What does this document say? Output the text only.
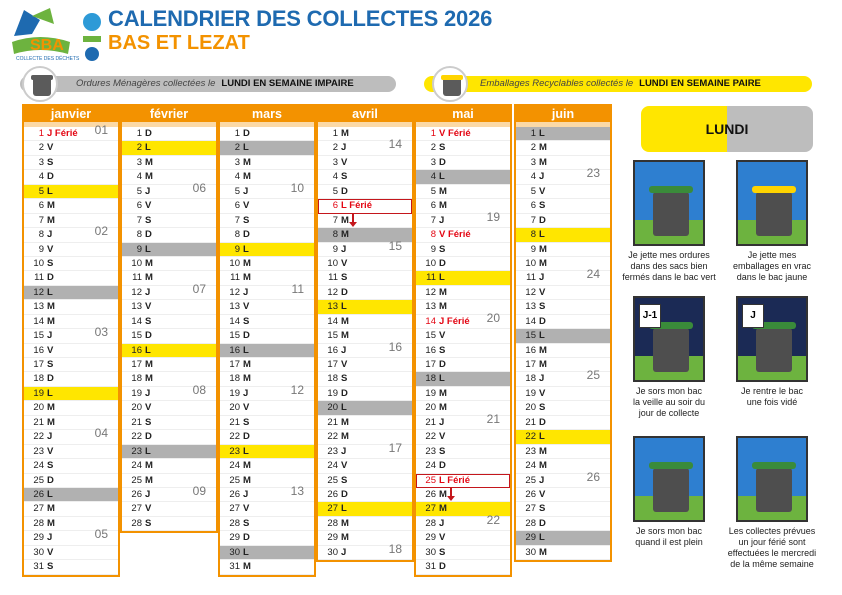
SBA
COLLECTE DES DÉCHETS
CALENDRIER DES COLLECTES 2026
BAS ET LEZAT
Ordures Ménagères collectées le LUNDI EN SEMAINE IMPAIRE	Emballages Recyclables collectés le LUNDI EN SEMAINE PAIRE
janvier
1 J Férié 01
2 V
3 S
4 D
5 L
6 M
7 M
8 J	02
9 V
10 S
11 D
12 L
13 M
14 M
15 J	03
16 V
17 S
18 D
19 L
20 M
21 M
22 J	04
23 V
24 S
25 D
26 L
27 M
28 M
29 J	05
30 V
31 S
février
1 D
2 L
3 M
4 M
5 J	06
6 V
7 S
8 D
9 L
10 M
11 M
12 J	07
13 V
14 S
15 D
16 L
17 M
18 M
19 J	08
20 V
21 S
22 D
23 L
24 M
25 M
26 J	09
27 V
28 S
mars
1 D
2 L
3 M
4 M
5 J	10
6 V
7 S
8 D
9 L
10 M
11 M
12 J	11
13 V
14 S
15 D
16 L
17 M
18 M
19 J	12
20 V
21 S
22 D
23 L
24 M
25 M
26 J	13
27 V
28 S
29 D
30 L
31 M
avril
1 M
2 J	14
3 V
4 S
5 D
6 L Férié
7 M
8 M
9 J	15
10 V
11 S
12 D
13 L
14 M
15 M
16 J	16
17 V
18 S
19 D
20 L
21 M
22 M
23 J	17
24 V
25 S
26 D
27 L
28 M
29 M
30 J	18
mai
1 V Férié
2 S
3 D
4 L
5 M
6 M
7 J	19
8 V Férié
9 S
10 D
11 L
12 M
13 M
14 J Férié 20
15 V
16 S
17 D
18 L
19 M
20 M
21 J	21
22 V
23 S
24 D
25 L Férié
26 M
27 M
28 J	22
29 V
30 S
31 D
juin
1 L
2 M
3 M
4 J	23
5 V
6 S
7 D
8 L
9 M
10 M
11 J	24
12 V
13 S
14 D
15 L
16 M
17 M
18 J	25
19 V
20 S
21 D
22 L
23 M
24 M
25 J	26
26 V
27 S
28 D
29 L
30 M
LUNDI
Je jette mes ordures
dans des sacs bien
fermés dans le bac vert
Je jette mes
emballages en vrac
dans le bac jaune
J-1
Je sors mon bac
la veille au soir du
jour de collecte
J
Je rentre le bac
une fois vidé
Je sors mon bac
quand il est plein
Les collectes prévues
un jour férié sont
effectuées le mercredi
de la même semaine
